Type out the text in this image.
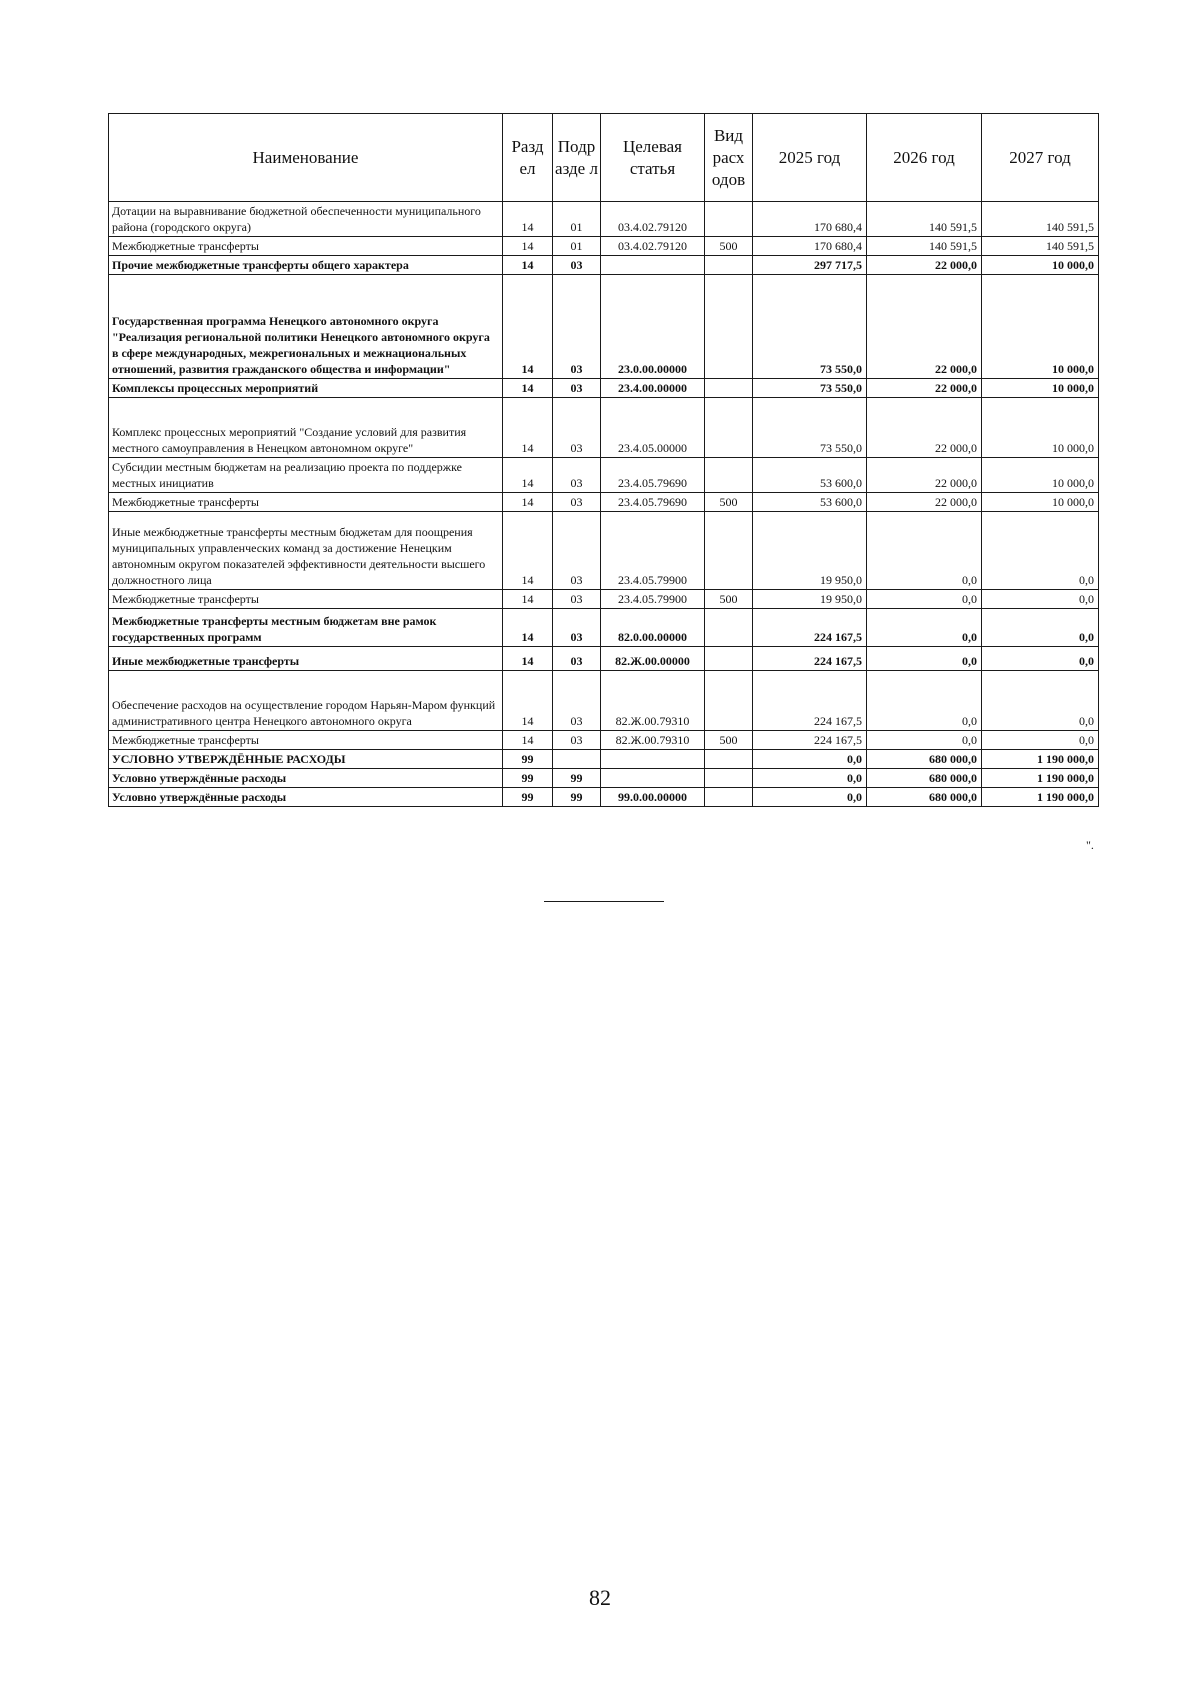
Наименование	Разд ел	Подр азде л	Целевая статья	Вид расх одов	2025 год	2026 год	2027 год
Дотации на выравнивание бюджетной обеспеченности муниципального района (городского округа)	14	01	03.4.02.79120		170 680,4	140 591,5	140 591,5
Межбюджетные трансферты	14	01	03.4.02.79120	500	170 680,4	140 591,5	140 591,5
Прочие межбюджетные трансферты общего характера	14	03			297 717,5	22 000,0	10 000,0
Государственная программа Ненецкого автономного округа "Реализация региональной политики Ненецкого автономного округа в сфере международных, межрегиональных и межнациональных отношений, развития гражданского общества и информации"	14	03	23.0.00.00000		73 550,0	22 000,0	10 000,0
Комплексы процессных мероприятий	14	03	23.4.00.00000		73 550,0	22 000,0	10 000,0
Комплекс процессных мероприятий "Создание условий для развития местного самоуправления в Ненецком автономном округе"	14	03	23.4.05.00000		73 550,0	22 000,0	10 000,0
Субсидии местным бюджетам на реализацию проекта по поддержке местных инициатив	14	03	23.4.05.79690		53 600,0	22 000,0	10 000,0
Межбюджетные трансферты	14	03	23.4.05.79690	500	53 600,0	22 000,0	10 000,0
Иные межбюджетные трансферты местным бюджетам для поощрения муниципальных управленческих команд за достижение Ненецким автономным округом показателей эффективности деятельности высшего должностного лица	14	03	23.4.05.79900		19 950,0	0,0	0,0
Межбюджетные трансферты	14	03	23.4.05.79900	500	19 950,0	0,0	0,0
Межбюджетные трансферты местным бюджетам вне рамок государственных программ	14	03	82.0.00.00000		224 167,5	0,0	0,0
Иные межбюджетные трансферты	14	03	82.Ж.00.00000		224 167,5	0,0	0,0
Обеспечение расходов на осуществление городом Нарьян-Маром функций административного центра Ненецкого автономного округа	14	03	82.Ж.00.79310		224 167,5	0,0	0,0
Межбюджетные трансферты	14	03	82.Ж.00.79310	500	224 167,5	0,0	0,0
УСЛОВНО УТВЕРЖДЁННЫЕ РАСХОДЫ	99				0,0	680 000,0	1 190 000,0
Условно утверждённые расходы	99	99			0,0	680 000,0	1 190 000,0
Условно утверждённые расходы	99	99	99.0.00.00000		0,0	680 000,0	1 190 000,0
".
82
